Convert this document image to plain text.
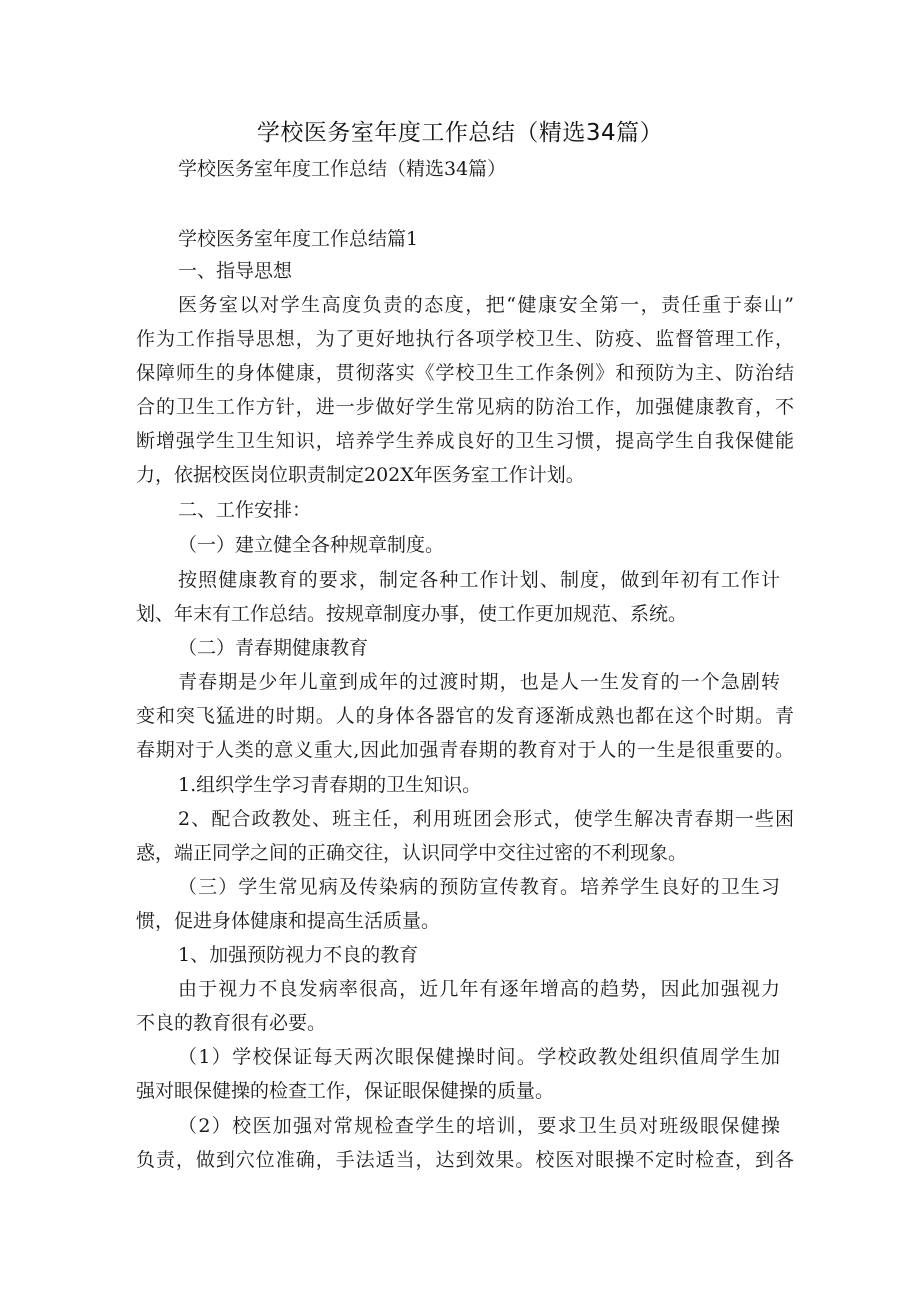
学校医务室年度工作总结（精选34篇）
学校医务室年度工作总结（精选34篇）
学校医务室年度工作总结篇1
一、指导思想
医务室以对学生高度负责的态度，把“健康安全第一，责任重于泰山”
作为工作指导思想，为了更好地执行各项学校卫生、防疫、监督管理工作，
保障师生的身体健康，贯彻落实《学校卫生工作条例》和预防为主、防治结
合的卫生工作方针，进一步做好学生常见病的防治工作，加强健康教育，不
断增强学生卫生知识，培养学生养成良好的卫生习惯，提高学生自我保健能
力，依据校医岗位职责制定202X年医务室工作计划。
二、工作安排：
（一）建立健全各种规章制度。
按照健康教育的要求，制定各种工作计划、制度，做到年初有工作计
划、年末有工作总结。按规章制度办事，使工作更加规范、系统。
（二）青春期健康教育
青春期是少年儿童到成年的过渡时期，也是人一生发育的一个急剧转
变和突飞猛进的时期。人的身体各器官的发育逐渐成熟也都在这个时期。青
春期对于人类的意义重大,因此加强青春期的教育对于人的一生是很重要的。
1.组织学生学习青春期的卫生知识。
2、配合政教处、班主任，利用班团会形式，使学生解决青春期一些困
惑，端正同学之间的正确交往，认识同学中交往过密的不利现象。
（三）学生常见病及传染病的预防宣传教育。培养学生良好的卫生习
惯，促进身体健康和提高生活质量。
1、加强预防视力不良的教育
由于视力不良发病率很高，近几年有逐年增高的趋势，因此加强视力
不良的教育很有必要。
（1）学校保证每天两次眼保健操时间。学校政教处组织值周学生加
强对眼保健操的检查工作，保证眼保健操的质量。
（2）校医加强对常规检查学生的培训，要求卫生员对班级眼保健操
负责，做到穴位准确，手法适当，达到效果。校医对眼操不定时检查，到各
